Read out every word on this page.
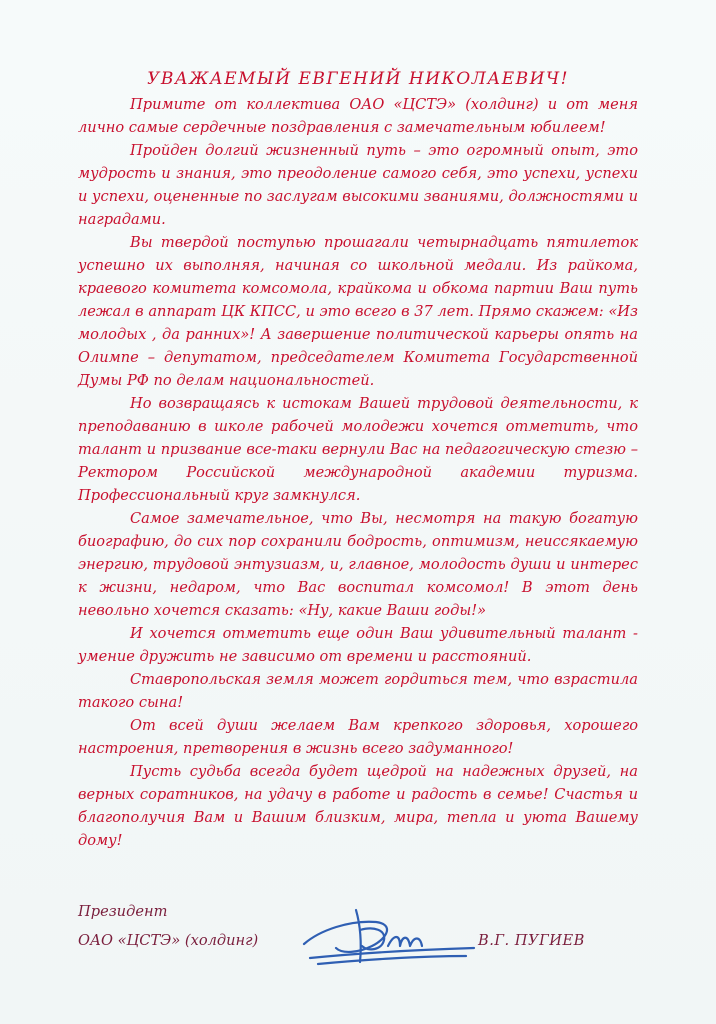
УВАЖАЕМЫЙ ЕВГЕНИЙ НИКОЛАЕВИЧ!

Примите от коллектива ОАО «ЦСТЭ» (холдинг) и от меня лично самые сердечные поздравления с замечательным юбилеем!

Пройден долгий жизненный путь – это огромный опыт, это мудрость и знания, это преодоление самого себя, это успехи, успехи и успехи, оцененные по заслугам высокими званиями, должностями и наградами.

Вы твердой поступью прошагали четырнадцать пятилеток успешно их выполняя, начиная со школьной медали. Из райкома, краевого комитета комсомола, крайкома и обкома партии Ваш путь лежал в аппарат ЦК КПСС, и это всего в 37 лет. Прямо скажем: «Из молодых , да ранних»! А завершение политической карьеры опять на Олимпе – депутатом, председателем Комитета Государственной Думы РФ по делам национальностей.

Но возвращаясь к истокам Вашей трудовой деятельности, к преподаванию в школе рабочей молодежи хочется отметить, что талант и призвание все-таки вернули Вас на педагогическую стезю – Ректором Российской международной академии туризма. Профессиональный круг замкнулся.

Самое замечательное, что Вы, несмотря на такую богатую биографию, до сих пор сохранили бодрость, оптимизм, неиссякаемую энергию, трудовой энтузиазм, и, главное, молодость души и интерес к жизни, недаром, что Вас воспитал комсомол! В этот день невольно хочется сказать: «Ну, какие Ваши годы!»

И хочется отметить еще один Ваш удивительный талант - умение дружить не зависимо от времени и расстояний.

Ставропольская земля может гордиться тем, что взрастила такого сына!

От всей души желаем Вам крепкого здоровья, хорошего настроения, претворения в жизнь всего задуманного!

Пусть судьба всегда будет щедрой на надежных друзей, на верных соратников, на удачу в работе и радость в семье! Счастья и благополучия Вам и Вашим близким, мира, тепла и уюта Вашему дому!

Президент
ОАО «ЦСТЭ» (холдинг)	В.Г. ПУГИЕВ
